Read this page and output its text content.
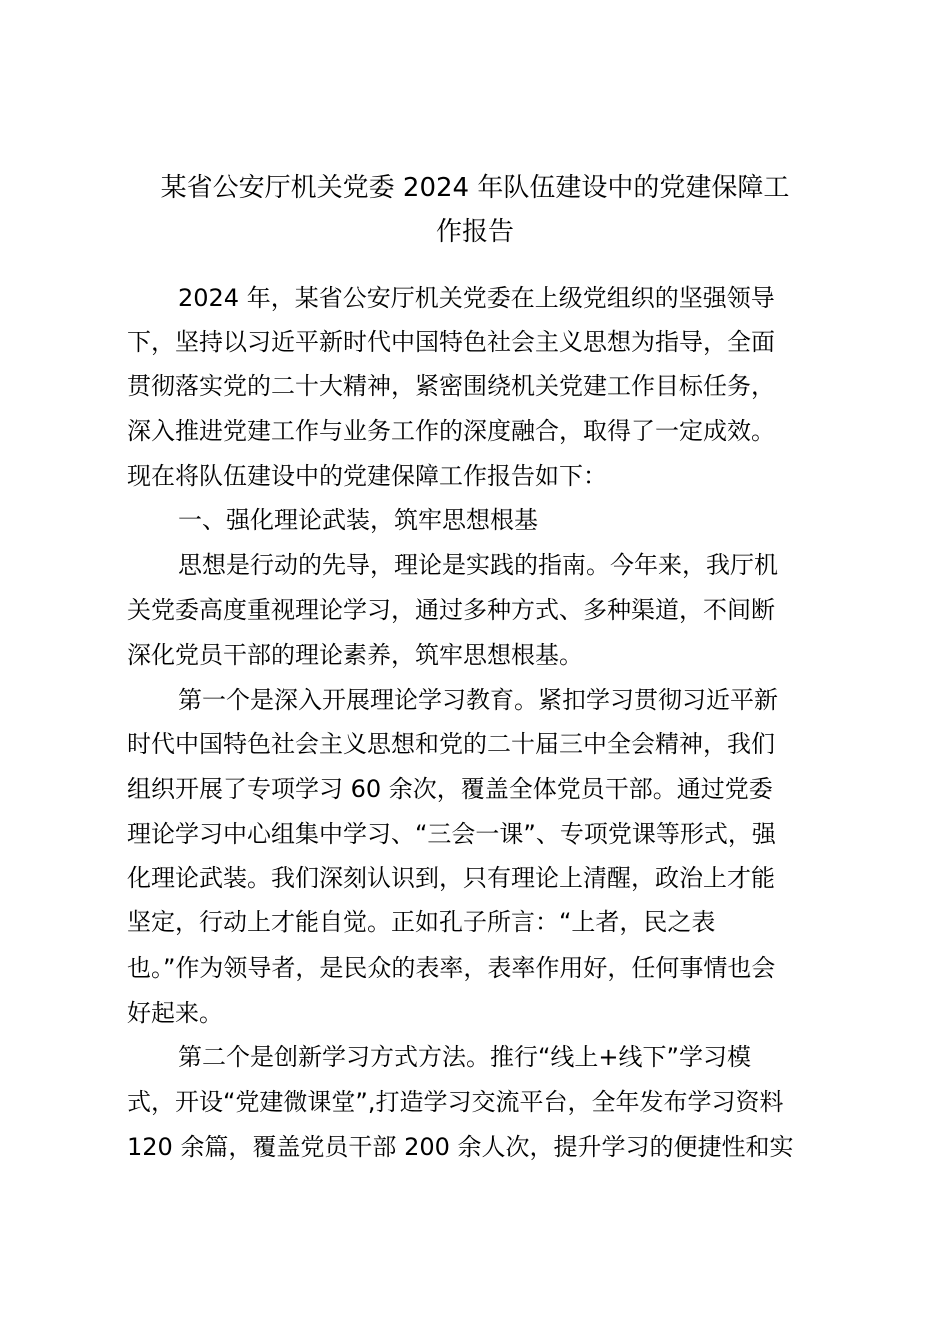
某省公安厅机关党委 2024 年队伍建设中的党建保障工
作报告

2024 年，某省公安厅机关党委在上级党组织的坚强领导

下，坚持以习近平新时代中国特色社会主义思想为指导，全面

贯彻落实党的二十大精神，紧密围绕机关党建工作目标任务，

深入推进党建工作与业务工作的深度融合，取得了一定成效。

现在将队伍建设中的党建保障工作报告如下：

一、强化理论武装，筑牢思想根基

思想是行动的先导，理论是实践的指南。今年来，我厅机

关党委高度重视理论学习，通过多种方式、多种渠道，不间断

深化党员干部的理论素养，筑牢思想根基。

第一个是深入开展理论学习教育。紧扣学习贯彻习近平新

时代中国特色社会主义思想和党的二十届三中全会精神，我们

组织开展了专项学习 60 余次，覆盖全体党员干部。通过党委

理论学习中心组集中学习、“三会一课”、专项党课等形式，强

化理论武装。我们深刻认识到，只有理论上清醒，政治上才能

坚定，行动上才能自觉。正如孔子所言：“上者，民之表

也。”作为领导者，是民众的表率，表率作用好，任何事情也会

好起来。

第二个是创新学习方式方法。推行“线上+线下”学习模

式，开设“党建微课堂”,打造学习交流平台，全年发布学习资料

120 余篇，覆盖党员干部 200 余人次，提升学习的便捷性和实
